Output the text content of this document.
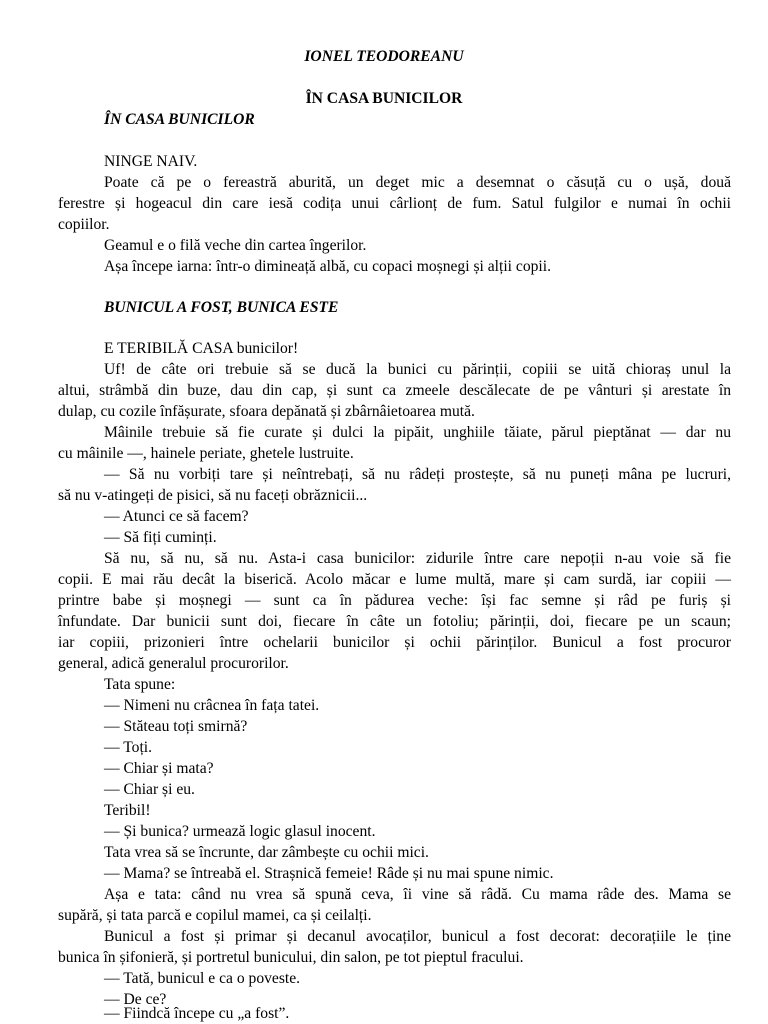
IONEL TEODOREANU
ÎN CASA BUNICILOR
ÎN CASA BUNICILOR
NINGE NAIV.
Poate că pe o fereastră aburită, un deget mic a desemnat o căsuță cu o ușă, două
ferestre și hogeacul din care iesă codița unui cârlionț de fum. Satul fulgilor e numai în ochii
copiilor.
Geamul e o filă veche din cartea îngerilor.
Așa începe iarna: într-o dimineață albă, cu copaci moșnegi și alții copii.
BUNICUL A FOST, BUNICA ESTE
E TERIBILĂ CASA bunicilor!
Uf! de câte ori trebuie să se ducă la bunici cu părinții, copiii se uită chioraș unul la
altui, strâmbă din buze, dau din cap, și sunt ca zmeele descălecate de pe vânturi și arestate în
dulap, cu cozile înfășurate, sfoara depănată și zbârnâietoarea mută.
Mâinile trebuie să fie curate și dulci la pipăit, unghiile tăiate, părul pieptănat — dar nu
cu mâinile —, hainele periate, ghetele lustruite.
— Să nu vorbiți tare și neîntrebați, să nu râdeți prostește, să nu puneți mâna pe lucruri,
să nu v-atingeți de pisici, să nu faceți obrăznicii...
— Atunci ce să facem?
— Să fiți cuminți.
Să nu, să nu, să nu. Asta-i casa bunicilor: zidurile între care nepoții n-au voie să fie
copii. E mai rău decât la biserică. Acolo măcar e lume multă, mare și cam surdă, iar copiii —
printre babe și moșnegi — sunt ca în pădurea veche: își fac semne și râd pe furiș și
înfundate. Dar bunicii sunt doi, fiecare în câte un fotoliu; părinții, doi, fiecare pe un scaun;
iar copiii, prizonieri între ochelarii bunicilor și ochii părinților. Bunicul a fost procuror
general, adică generalul procurorilor.
Tata spune:
— Nimeni nu crâcnea în fața tatei.
— Stăteau toți smirnă?
— Toți.
— Chiar și mata?
— Chiar și eu.
Teribil!
— Și bunica? urmează logic glasul inocent.
Tata vrea să se încrunte, dar zâmbește cu ochii mici.
— Mama? se întreabă el. Strașnică femeie! Râde și nu mai spune nimic.
Așa e tata: când nu vrea să spună ceva, îi vine să râdă. Cu mama râde des. Mama se
supără, și tata parcă e copilul mamei, ca și ceilalți.
Bunicul a fost și primar și decanul avocaților, bunicul a fost decorat: decorațiile le ține
bunica în șifonieră, și portretul bunicului, din salon, pe tot pieptul fracului.
— Tată, bunicul e ca o poveste.
— De ce?
— Fiindcă începe cu „a fost”.
